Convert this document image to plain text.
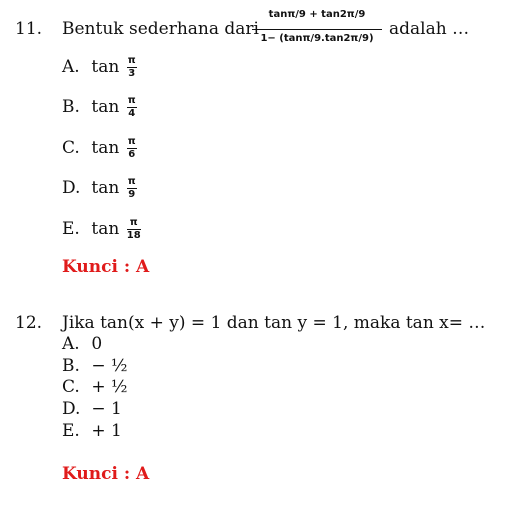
11. Bentuk sederhana dari
tanπ/9 + tan2π/9
1− (tanπ/9.tan2π/9) adalah …
A. $\tan \frac{\pi}{3}$
B. $\tan \frac{\pi}{4}$
C. $\tan \frac{\pi}{6}$
D. $\tan \frac{\pi}{9}$
E. $\tan \frac{\pi}{18}$
Kunci : A
12. Jika tan(x + y) = 1 dan tan y = 1, maka tan x= …
A. 0
B. − ½
C. + ½
D. − 1
E. + 1
Kunci : A
